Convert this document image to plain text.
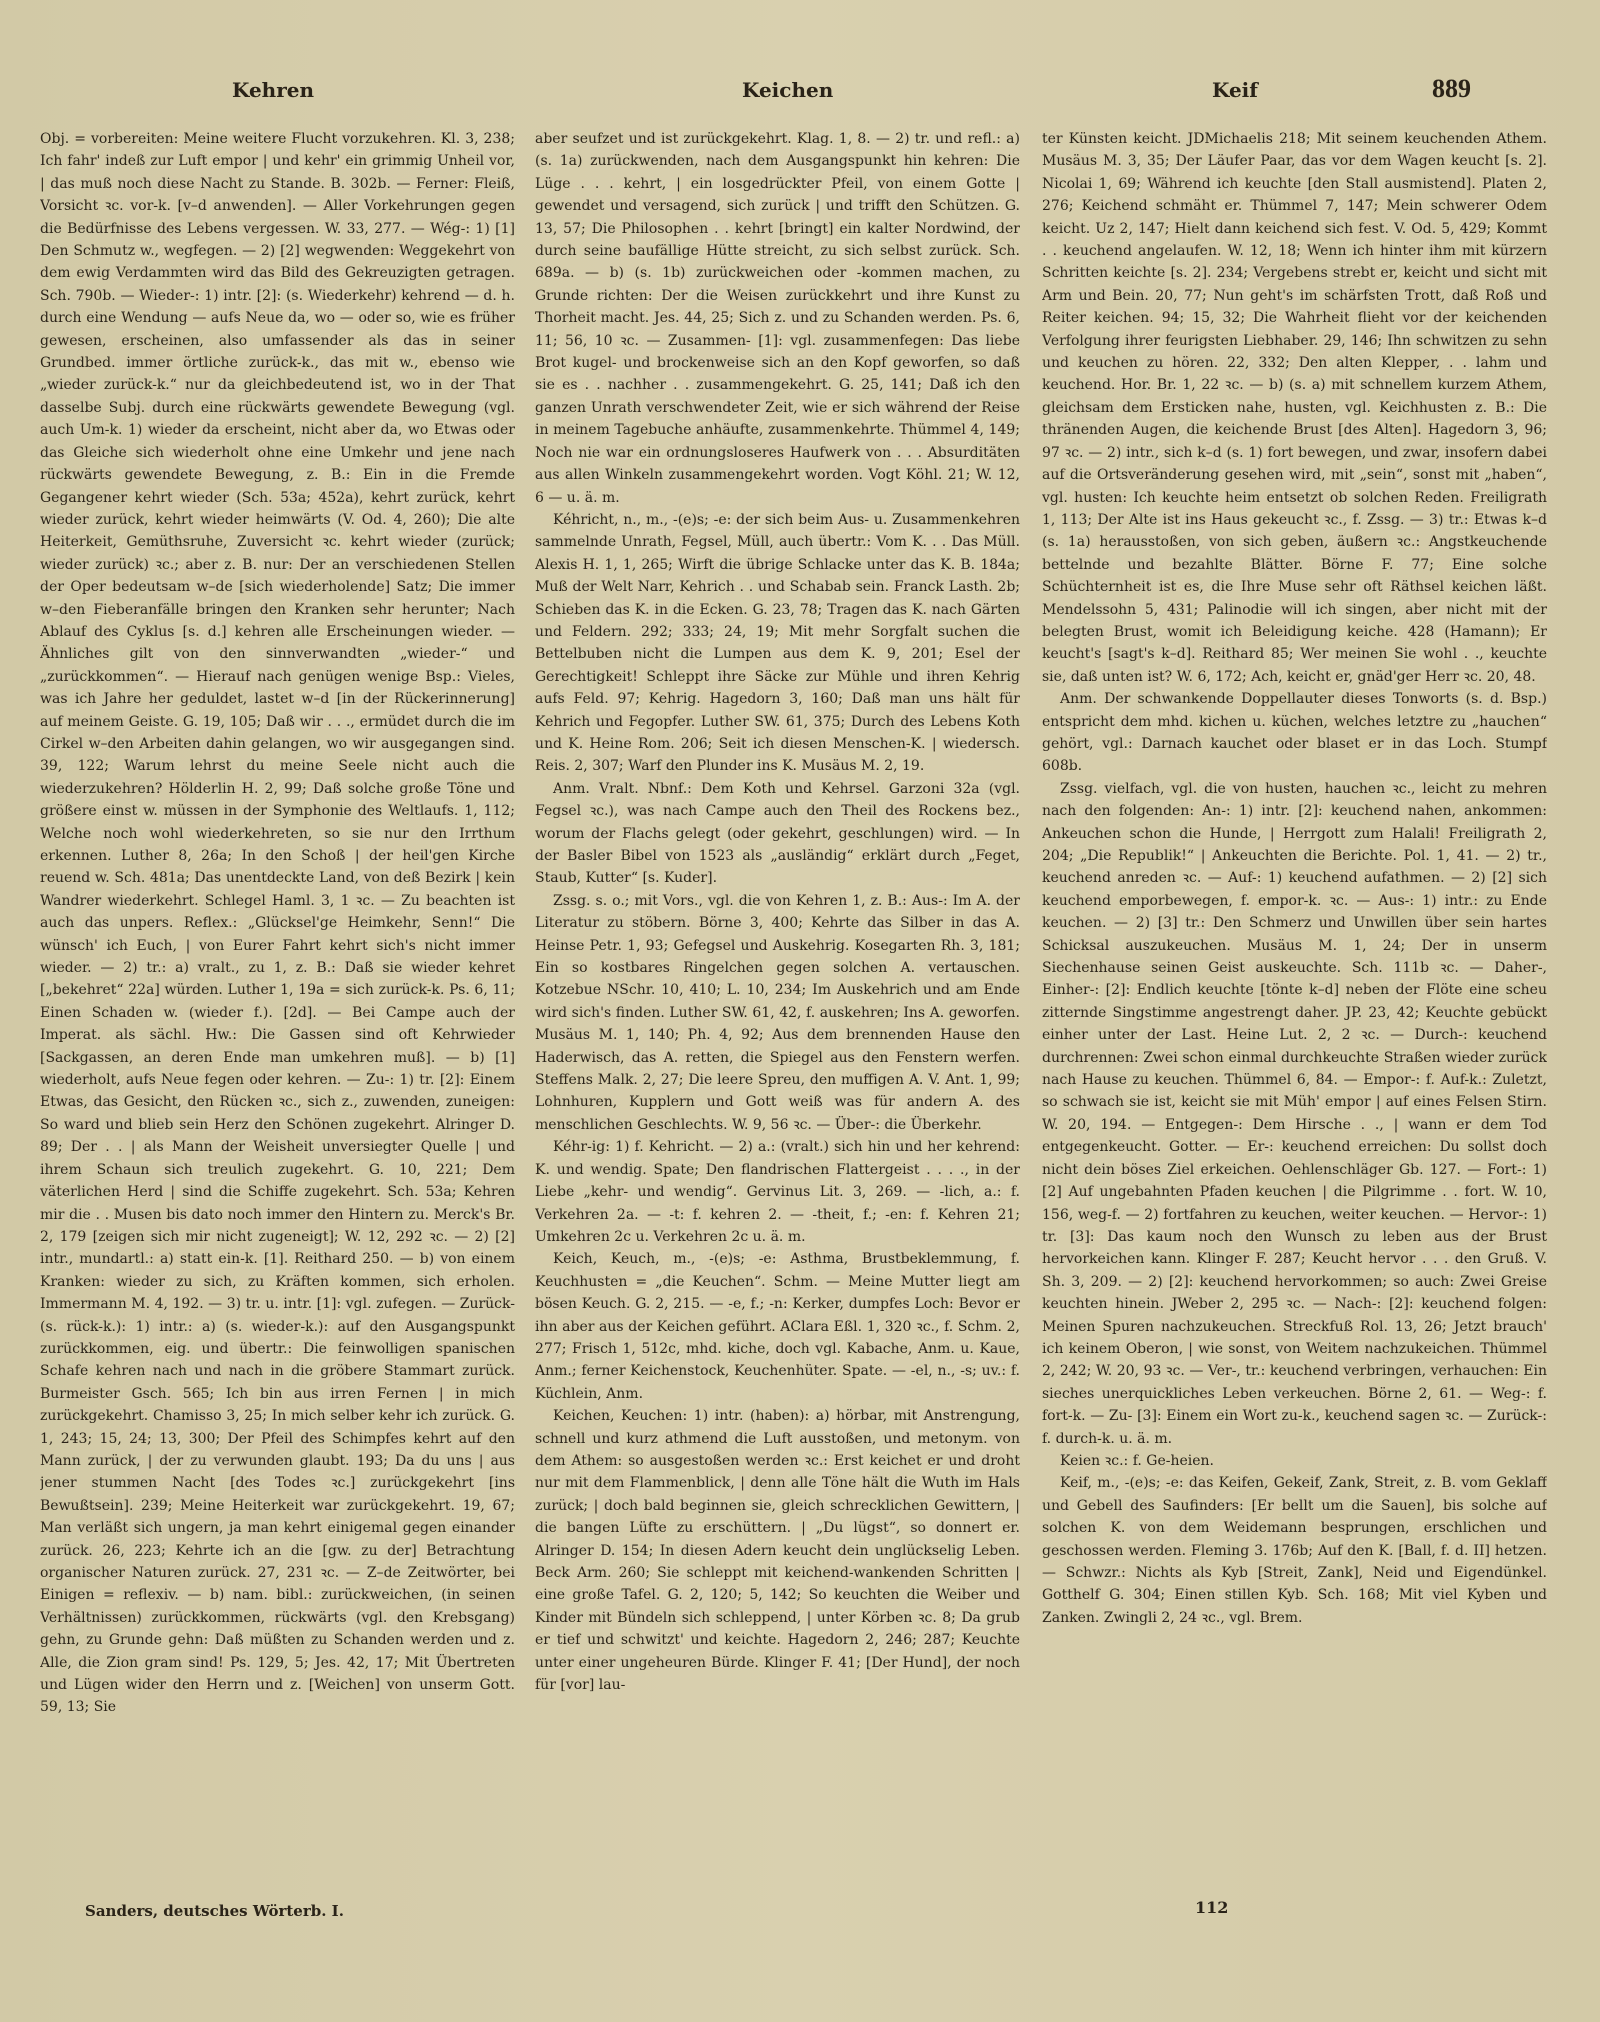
Kehren	Keichen	Keif	889

Obj. = vorbereiten: Meine weitere Flucht vorzukehren. Kl. 3, 238; Ich fahr' indeß zur Luft empor | und kehr' ein grimmig Unheil vor, | das muß noch diese Nacht zu Stande. B. 302b. — Ferner: Fleiß, Vorsicht ꝛc. vor-k. [v–d anwenden]. — Aller Vorkehrungen gegen die Bedürfnisse des Lebens vergessen. W. 33, 277. — Wég-: 1) [1] Den Schmutz w., wegfegen. — 2) [2] wegwenden: Weggekehrt von dem ewig Verdammten wird das Bild des Gekreuzigten getragen. Sch. 790b. — Wieder-: 1) intr. [2]: (s. Wiederkehr) kehrend — d. h. durch eine Wendung — aufs Neue da, wo — oder so, wie es früher gewesen, erscheinen, also umfassender als das in seiner Grundbed. immer örtliche zurück-k., das mit w., ebenso wie „wieder zurück-k.“ nur da gleichbedeutend ist, wo in der That dasselbe Subj. durch eine rückwärts gewendete Bewegung (vgl. auch Um-k. 1) wieder da erscheint, nicht aber da, wo Etwas oder das Gleiche sich wiederholt ohne eine Umkehr und jene nach rückwärts gewendete Bewegung, z. B.: Ein in die Fremde Gegangener kehrt wieder (Sch. 53a; 452a), kehrt zurück, kehrt wieder zurück, kehrt wieder heimwärts (V. Od. 4, 260); Die alte Heiterkeit, Gemüthsruhe, Zuversicht ꝛc. kehrt wieder (zurück; wieder zurück) ꝛc.; aber z. B. nur: Der an verschiedenen Stellen der Oper bedeutsam w–de [sich wiederholende] Satz; Die immer w–den Fieberanfälle bringen den Kranken sehr herunter; Nach Ablauf des Cyklus [s. d.] kehren alle Erscheinungen wieder. — Ähnliches gilt von den sinnverwandten „wieder-“ und „zurückkommen“. — Hierauf nach genügen wenige Bsp.: Vieles, was ich Jahre her geduldet, lastet w–d [in der Rückerinnerung] auf meinem Geiste. G. 19, 105; Daß wir . . ., ermüdet durch die im Cirkel w–den Arbeiten dahin gelangen, wo wir ausgegangen sind. 39, 122; Warum lehrst du meine Seele nicht auch die wiederzukehren? Hölderlin H. 2, 99; Daß solche große Töne und größere einst w. müssen in der Symphonie des Weltlaufs. 1, 112; Welche noch wohl wiederkehreten, so sie nur den Irrthum erkennen. Luther 8, 26a; In den Schoß | der heil'gen Kirche reuend w. Sch. 481a; Das unentdeckte Land, von deß Bezirk | kein Wandrer wiederkehrt. Schlegel Haml. 3, 1 ꝛc. — Zu beachten ist auch das unpers. Reflex.: „Glücksel'ge Heimkehr, Senn!“ Die wünsch' ich Euch, | von Eurer Fahrt kehrt sich's nicht immer wieder. — 2) tr.: a) vralt., zu 1, z. B.: Daß sie wieder kehret [„bekehret“ 22a] würden. Luther 1, 19a = sich zurück-k. Ps. 6, 11; Einen Schaden w. (wieder f.). [2d]. — Bei Campe auch der Imperat. als sächl. Hw.: Die Gassen sind oft Kehrwieder [Sackgassen, an deren Ende man umkehren muß]. — b) [1] wiederholt, aufs Neue fegen oder kehren. — Zu-: 1) tr. [2]: Einem Etwas, das Gesicht, den Rücken ꝛc., sich z., zuwenden, zuneigen: So ward und blieb sein Herz den Schönen zugekehrt. Alringer D. 89; Der . . | als Mann der Weisheit unversiegter Quelle | und ihrem Schaun sich treulich zugekehrt. G. 10, 221; Dem väterlichen Herd | sind die Schiffe zugekehrt. Sch. 53a; Kehren mir die . . Musen bis dato noch immer den Hintern zu. Merck's Br. 2, 179 [zeigen sich mir nicht zugeneigt]; W. 12, 292 ꝛc. — 2) [2] intr., mundartl.: a) statt ein-k. [1]. Reithard 250. — b) von einem Kranken: wieder zu sich, zu Kräften kommen, sich erholen. Immermann M. 4, 192. — 3) tr. u. intr. [1]: vgl. zufegen. — Zurück- (s. rück-k.): 1) intr.: a) (s. wieder-k.): auf den Ausgangspunkt zurückkommen, eig. und übertr.: Die feinwolligen spanischen Schafe kehren nach und nach in die gröbere Stammart zurück. Burmeister Gsch. 565; Ich bin aus irren Fernen | in mich zurückgekehrt. Chamisso 3, 25; In mich selber kehr ich zurück. G. 1, 243; 15, 24; 13, 300; Der Pfeil des Schimpfes kehrt auf den Mann zurück, | der zu verwunden glaubt. 193; Da du uns | aus jener stummen Nacht [des Todes ꝛc.] zurückgekehrt [ins Bewußtsein]. 239; Meine Heiterkeit war zurückgekehrt. 19, 67; Man verläßt sich ungern, ja man kehrt einigemal gegen einander zurück. 26, 223; Kehrte ich an die [gw. zu der] Betrachtung organischer Naturen zurück. 27, 231 ꝛc. — Z–de Zeitwörter, bei Einigen = reflexiv. — b) nam. bibl.: zurückweichen, (in seinen Verhältnissen) zurückkommen, rückwärts (vgl. den Krebsgang) gehn, zu Grunde gehn: Daß müßten zu Schanden werden und z. Alle, die Zion gram sind! Ps. 129, 5; Jes. 42, 17; Mit Übertreten und Lügen wider den Herrn und z. [Weichen] von unserm Gott. 59, 13; Sie

aber seufzet und ist zurückgekehrt. Klag. 1, 8. — 2) tr. und refl.: a) (s. 1a) zurückwenden, nach dem Ausgangspunkt hin kehren: Die Lüge . . . kehrt, | ein losgedrückter Pfeil, von einem Gotte | gewendet und versagend, sich zurück | und trifft den Schützen. G. 13, 57; Die Philosophen . . kehrt [bringt] ein kalter Nordwind, der durch seine baufällige Hütte streicht, zu sich selbst zurück. Sch. 689a. — b) (s. 1b) zurückweichen oder -kommen machen, zu Grunde richten: Der die Weisen zurückkehrt und ihre Kunst zu Thorheit macht. Jes. 44, 25; Sich z. und zu Schanden werden. Ps. 6, 11; 56, 10 ꝛc. — Zusammen- [1]: vgl. zusammenfegen: Das liebe Brot kugel- und brockenweise sich an den Kopf geworfen, so daß sie es . . nachher . . zusammengekehrt. G. 25, 141; Daß ich den ganzen Unrath verschwendeter Zeit, wie er sich während der Reise in meinem Tagebuche anhäufte, zusammenkehrte. Thümmel 4, 149; Noch nie war ein ordnungsloseres Haufwerk von . . . Absurditäten aus allen Winkeln zusammengekehrt worden. Vogt Köhl. 21; W. 12, 6 — u. ä. m.

Kéhricht, n., m., -(e)s; -e: der sich beim Aus- u. Zusammenkehren sammelnde Unrath, Fegsel, Müll, auch übertr.: Vom K. . . Das Müll. Alexis H. 1, 1, 265; Wirft die übrige Schlacke unter das K. B. 184a; Muß der Welt Narr, Kehrich . . und Schabab sein. Franck Lasth. 2b; Schieben das K. in die Ecken. G. 23, 78; Tragen das K. nach Gärten und Feldern. 292; 333; 24, 19; Mit mehr Sorgfalt suchen die Bettelbuben nicht die Lumpen aus dem K. 9, 201; Esel der Gerechtigkeit! Schleppt ihre Säcke zur Mühle und ihren Kehrig aufs Feld. 97; Kehrig. Hagedorn 3, 160; Daß man uns hält für Kehrich und Fegopfer. Luther SW. 61, 375; Durch des Lebens Koth und K. Heine Rom. 206; Seit ich diesen Menschen-K. | wiedersch. Reis. 2, 307; Warf den Plunder ins K. Musäus M. 2, 19.

Anm. Vralt. Nbnf.: Dem Koth und Kehrsel. Garzoni 32a (vgl. Fegsel ꝛc.), was nach Campe auch den Theil des Rockens bez., worum der Flachs gelegt (oder gekehrt, geschlungen) wird. — In der Basler Bibel von 1523 als „ausländig“ erklärt durch „Feget, Staub, Kutter“ [s. Kuder].

Zssg. s. o.; mit Vors., vgl. die von Kehren 1, z. B.: Aus-: Im A. der Literatur zu stöbern. Börne 3, 400; Kehrte das Silber in das A. Heinse Petr. 1, 93; Gefegsel und Auskehrig. Kosegarten Rh. 3, 181; Ein so kostbares Ringelchen gegen solchen A. vertauschen. Kotzebue NSchr. 10, 410; L. 10, 234; Im Auskehrich und am Ende wird sich's finden. Luther SW. 61, 42, f. auskehren; Ins A. geworfen. Musäus M. 1, 140; Ph. 4, 92; Aus dem brennenden Hause den Haderwisch, das A. retten, die Spiegel aus den Fenstern werfen. Steffens Malk. 2, 27; Die leere Spreu, den muffigen A. V. Ant. 1, 99; Lohnhuren, Kupplern und Gott weiß was für andern A. des menschlichen Geschlechts. W. 9, 56 ꝛc. — Über-: die Überkehr.

Kéhr-ig: 1) f. Kehricht. — 2) a.: (vralt.) sich hin und her kehrend: K. und wendig. Spate; Den flandrischen Flattergeist . . . ., in der Liebe „kehr- und wendig“. Gervinus Lit. 3, 269. — -lich, a.: f. Verkehren 2a. — -t: f. kehren 2. — -theit, f.; -en: f. Kehren 21; Umkehren 2c u. Verkehren 2c u. ä. m.

Keich, Keuch, m., -(e)s; -e: Asthma, Brustbeklemmung, f. Keuchhusten = „die Keuchen“. Schm. — Meine Mutter liegt am bösen Keuch. G. 2, 215. — -e, f.; -n: Kerker, dumpfes Loch: Bevor er ihn aber aus der Keichen geführt. AClara Eßl. 1, 320 ꝛc., f. Schm. 2, 277; Frisch 1, 512c, mhd. kiche, doch vgl. Kabache, Anm. u. Kaue, Anm.; ferner Keichenstock, Keuchenhüter. Spate. — -el, n., -s; uv.: f. Küchlein, Anm.

Keichen, Keuchen: 1) intr. (haben): a) hörbar, mit Anstrengung, schnell und kurz athmend die Luft ausstoßen, und metonym. von dem Athem: so ausgestoßen werden ꝛc.: Erst keichet er und droht nur mit dem Flammenblick, | denn alle Töne hält die Wuth im Hals zurück; | doch bald beginnen sie, gleich schrecklichen Gewittern, | die bangen Lüfte zu erschüttern. | „Du lügst“, so donnert er. Alringer D. 154; In diesen Adern keucht dein unglückselig Leben. Beck Arm. 260; Sie schleppt mit keichend-wankenden Schritten | eine große Tafel. G. 2, 120; 5, 142; So keuchten die Weiber und Kinder mit Bündeln sich schleppend, | unter Körben ꝛc. 8; Da grub er tief und schwitzt' und keichte. Hagedorn 2, 246; 287; Keuchte unter einer ungeheuren Bürde. Klinger F. 41; [Der Hund], der noch für [vor] lau-

ter Künsten keicht. JDMichaelis 218; Mit seinem keuchenden Athem. Musäus M. 3, 35; Der Läufer Paar, das vor dem Wagen keucht [s. 2]. Nicolai 1, 69; Während ich keuchte [den Stall ausmistend]. Platen 2, 276; Keichend schmäht er. Thümmel 7, 147; Mein schwerer Odem keicht. Uz 2, 147; Hielt dann keichend sich fest. V. Od. 5, 429; Kommt . . keuchend angelaufen. W. 12, 18; Wenn ich hinter ihm mit kürzern Schritten keichte [s. 2]. 234; Vergebens strebt er, keicht und sicht mit Arm und Bein. 20, 77; Nun geht's im schärfsten Trott, daß Roß und Reiter keichen. 94; 15, 32; Die Wahrheit flieht vor der keichenden Verfolgung ihrer feurigsten Liebhaber. 29, 146; Ihn schwitzen zu sehn und keuchen zu hören. 22, 332; Den alten Klepper, . . lahm und keuchend. Hor. Br. 1, 22 ꝛc. — b) (s. a) mit schnellem kurzem Athem, gleichsam dem Ersticken nahe, husten, vgl. Keichhusten z. B.: Die thränenden Augen, die keichende Brust [des Alten]. Hagedorn 3, 96; 97 ꝛc. — 2) intr., sich k–d (s. 1) fort bewegen, und zwar, insofern dabei auf die Ortsveränderung gesehen wird, mit „sein“, sonst mit „haben“, vgl. husten: Ich keuchte heim entsetzt ob solchen Reden. Freiligrath 1, 113; Der Alte ist ins Haus gekeucht ꝛc., f. Zssg. — 3) tr.: Etwas k–d (s. 1a) herausstoßen, von sich geben, äußern ꝛc.: Angstkeuchende bettelnde und bezahlte Blätter. Börne F. 77; Eine solche Schüchternheit ist es, die Ihre Muse sehr oft Räthsel keichen läßt. Mendelssohn 5, 431; Palinodie will ich singen, aber nicht mit der belegten Brust, womit ich Beleidigung keiche. 428 (Hamann); Er keucht's [sagt's k–d]. Reithard 85; Wer meinen Sie wohl . ., keuchte sie, daß unten ist? W. 6, 172; Ach, keicht er, gnäd'ger Herr ꝛc. 20, 48.

Anm. Der schwankende Doppellauter dieses Tonworts (s. d. Bsp.) entspricht dem mhd. kichen u. küchen, welches letztre zu „hauchen“ gehört, vgl.: Darnach kauchet oder blaset er in das Loch. Stumpf 608b.

Zssg. vielfach, vgl. die von husten, hauchen ꝛc., leicht zu mehren nach den folgenden: An-: 1) intr. [2]: keuchend nahen, ankommen: Ankeuchen schon die Hunde, | Herrgott zum Halali! Freiligrath 2, 204; „Die Republik!“ | Ankeuchten die Berichte. Pol. 1, 41. — 2) tr., keuchend anreden ꝛc. — Auf-: 1) keuchend aufathmen. — 2) [2] sich keuchend emporbewegen, f. empor-k. ꝛc. — Aus-: 1) intr.: zu Ende keuchen. — 2) [3] tr.: Den Schmerz und Unwillen über sein hartes Schicksal auszukeuchen. Musäus M. 1, 24; Der in unserm Siechenhause seinen Geist auskeuchte. Sch. 111b ꝛc. — Daher-, Einher-: [2]: Endlich keuchte [tönte k–d] neben der Flöte eine scheu zitternde Singstimme angestrengt daher. JP. 23, 42; Keuchte gebückt einher unter der Last. Heine Lut. 2, 2 ꝛc. — Durch-: keuchend durchrennen: Zwei schon einmal durchkeuchte Straßen wieder zurück nach Hause zu keuchen. Thümmel 6, 84. — Empor-: f. Auf-k.: Zuletzt, so schwach sie ist, keicht sie mit Müh' empor | auf eines Felsen Stirn. W. 20, 194. — Entgegen-: Dem Hirsche . ., | wann er dem Tod entgegenkeucht. Gotter. — Er-: keuchend erreichen: Du sollst doch nicht dein böses Ziel erkeichen. Oehlenschläger Gb. 127. — Fort-: 1) [2] Auf ungebahnten Pfaden keuchen | die Pilgrimme . . fort. W. 10, 156, weg-f. — 2) fortfahren zu keuchen, weiter keuchen. — Hervor-: 1) tr. [3]: Das kaum noch den Wunsch zu leben aus der Brust hervorkeichen kann. Klinger F. 287; Keucht hervor . . . den Gruß. V. Sh. 3, 209. — 2) [2]: keuchend hervorkommen; so auch: Zwei Greise keuchten hinein. JWeber 2, 295 ꝛc. — Nach-: [2]: keuchend folgen: Meinen Spuren nachzukeuchen. Streckfuß Rol. 13, 26; Jetzt brauch' ich keinem Oberon, | wie sonst, von Weitem nachzukeichen. Thümmel 2, 242; W. 20, 93 ꝛc. — Ver-, tr.: keuchend verbringen, verhauchen: Ein sieches unerquickliches Leben verkeuchen. Börne 2, 61. — Weg-: f. fort-k. — Zu- [3]: Einem ein Wort zu-k., keuchend sagen ꝛc. — Zurück-: f. durch-k. u. ä. m.

Keien ꝛc.: f. Ge-heien.

Keif, m., -(e)s; -e: das Keifen, Gekeif, Zank, Streit, z. B. vom Geklaff und Gebell des Saufinders: [Er bellt um die Sauen], bis solche auf solchen K. von dem Weidemann besprungen, erschlichen und geschossen werden. Fleming 3. 176b; Auf den K. [Ball, f. d. II] hetzen. — Schwzr.: Nichts als Kyb [Streit, Zank], Neid und Eigendünkel. Gotthelf G. 304; Einen stillen Kyb. Sch. 168; Mit viel Kyben und Zanken. Zwingli 2, 24 ꝛc., vgl. Brem.

Sanders, deutsches Wörterb. I.	112
